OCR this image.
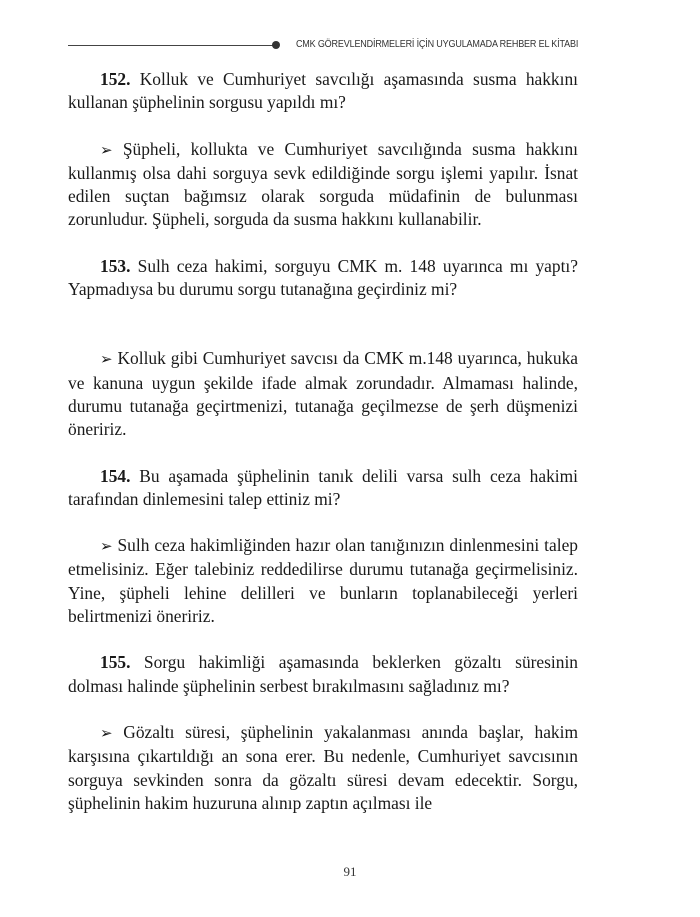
CMK GÖREVLENDİRMELERİ İÇİN UYGULAMADA REHBER EL KİTABI

152. Kolluk ve Cumhuriyet savcılığı aşamasında susma hakkını kullanan şüphelinin sorgusu yapıldı mı?

➢ Şüpheli, kollukta ve Cumhuriyet savcılığında susma hakkını kullanmış olsa dahi sorguya sevk edildiğinde sorgu işlemi yapılır. İsnat edilen suçtan bağımsız olarak sorguda müdafinin de bulunması zorunludur. Şüpheli, sorguda da susma hakkını kullanabilir.

153. Sulh ceza hakimi, sorguyu CMK m. 148 uyarınca mı yaptı? Yapmadıysa bu durumu sorgu tutanağına geçirdiniz mi?

➢ Kolluk gibi Cumhuriyet savcısı da CMK m.148 uyarınca, hukuka ve kanuna uygun şekilde ifade almak zorundadır. Almaması halinde, durumu tutanağa geçirtmenizi, tutanağa geçilmezse de şerh düşmenizi öneririz.

154. Bu aşamada şüphelinin tanık delili varsa sulh ceza hakimi tarafından dinlemesini talep ettiniz mi?

➢ Sulh ceza hakimliğinden hazır olan tanığınızın dinlenmesini talep etmelisiniz. Eğer talebiniz reddedilirse durumu tutanağa geçirmelisiniz. Yine, şüpheli lehine delilleri ve bunların toplanabileceği yerleri belirtmenizi öneririz.

155. Sorgu hakimliği aşamasında beklerken gözaltı süresinin dolması halinde şüphelinin serbest bırakılmasını sağladınız mı?

➢ Gözaltı süresi, şüphelinin yakalanması anında başlar, hakim karşısına çıkartıldığı an sona erer. Bu nedenle, Cumhuriyet savcısının sorguya sevkinden sonra da gözaltı süresi devam edecektir. Sorgu, şüphelinin hakim huzuruna alınıp zaptın açılması ile

91
